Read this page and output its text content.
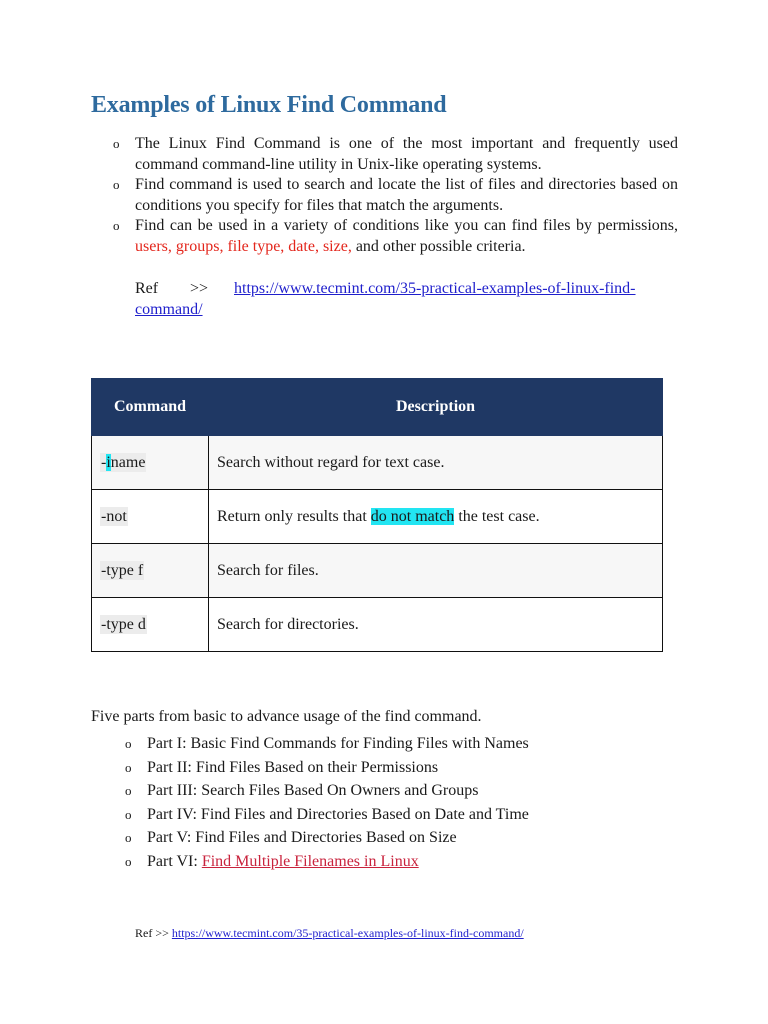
Examples of Linux Find Command
o The Linux Find Command is one of the most important and frequently used command command-line utility in Unix-like operating systems.
o Find command is used to search and locate the list of files and directories based on conditions you specify for files that match the arguments.
o Find can be used in a variety of conditions like you can find files by permissions, users, groups, file type, date, size, and other possible criteria.
Ref >> https://www.tecmint.com/35-practical-examples-of-linux-find-command/
Command	Description
-iname	Search without regard for text case.
-not	Return only results that do not match the test case.
-type f	Search for files.
-type d	Search for directories.
Five parts from basic to advance usage of the find command.
o Part I: Basic Find Commands for Finding Files with Names
o Part II: Find Files Based on their Permissions
o Part III: Search Files Based On Owners and Groups
o Part IV: Find Files and Directories Based on Date and Time
o Part V: Find Files and Directories Based on Size
o Part VI: Find Multiple Filenames in Linux
Ref >> https://www.tecmint.com/35-practical-examples-of-linux-find-command/
